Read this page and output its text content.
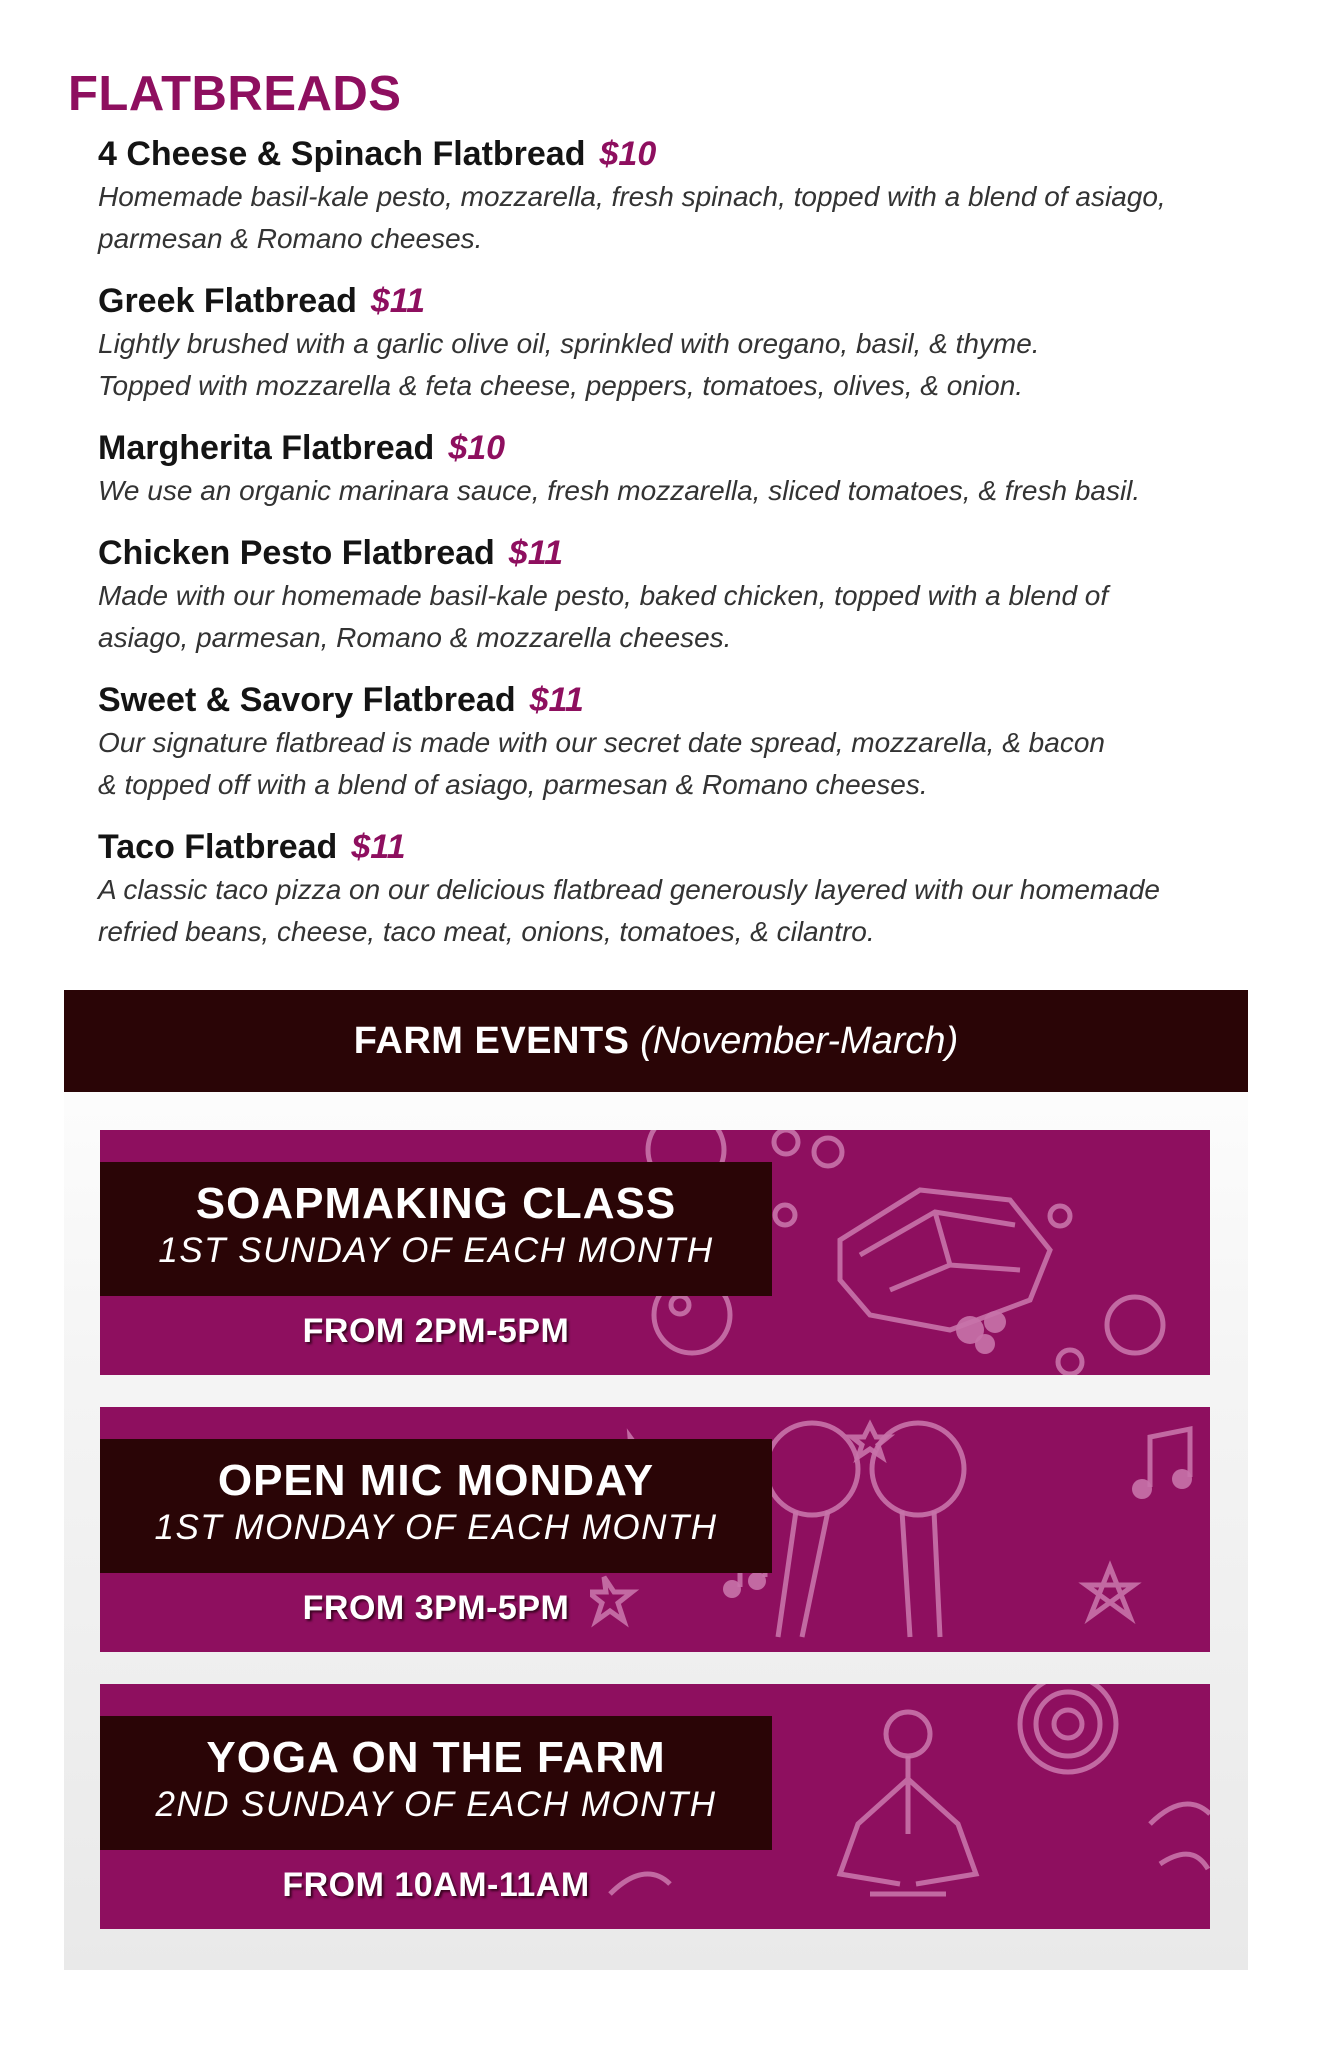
FLATBREADS
4 Cheese & Spinach Flatbread $10
Homemade basil-kale pesto, mozzarella, fresh spinach, topped with a blend of asiago,
parmesan & Romano cheeses.
Greek Flatbread $11
Lightly brushed with a garlic olive oil, sprinkled with oregano, basil, & thyme.
Topped with mozzarella & feta cheese, peppers, tomatoes, olives, & onion.
Margherita Flatbread $10
We use an organic marinara sauce, fresh mozzarella, sliced tomatoes, & fresh basil.
Chicken Pesto Flatbread $11
Made with our homemade basil-kale pesto, baked chicken, topped with a blend of
asiago, parmesan, Romano & mozzarella cheeses.
Sweet & Savory Flatbread $11
Our signature flatbread is made with our secret date spread, mozzarella, & bacon
& topped off with a blend of asiago, parmesan & Romano cheeses.
Taco Flatbread $11
A classic taco pizza on our delicious flatbread generously layered with our homemade
refried beans, cheese, taco meat, onions, tomatoes, & cilantro.
FARM EVENTS (November-March)
SOAPMAKING CLASS
1ST SUNDAY OF EACH MONTH
FROM 2PM-5PM
OPEN MIC MONDAY
1ST MONDAY OF EACH MONTH
FROM 3PM-5PM
YOGA ON THE FARM
2ND SUNDAY OF EACH MONTH
FROM 10AM-11AM
